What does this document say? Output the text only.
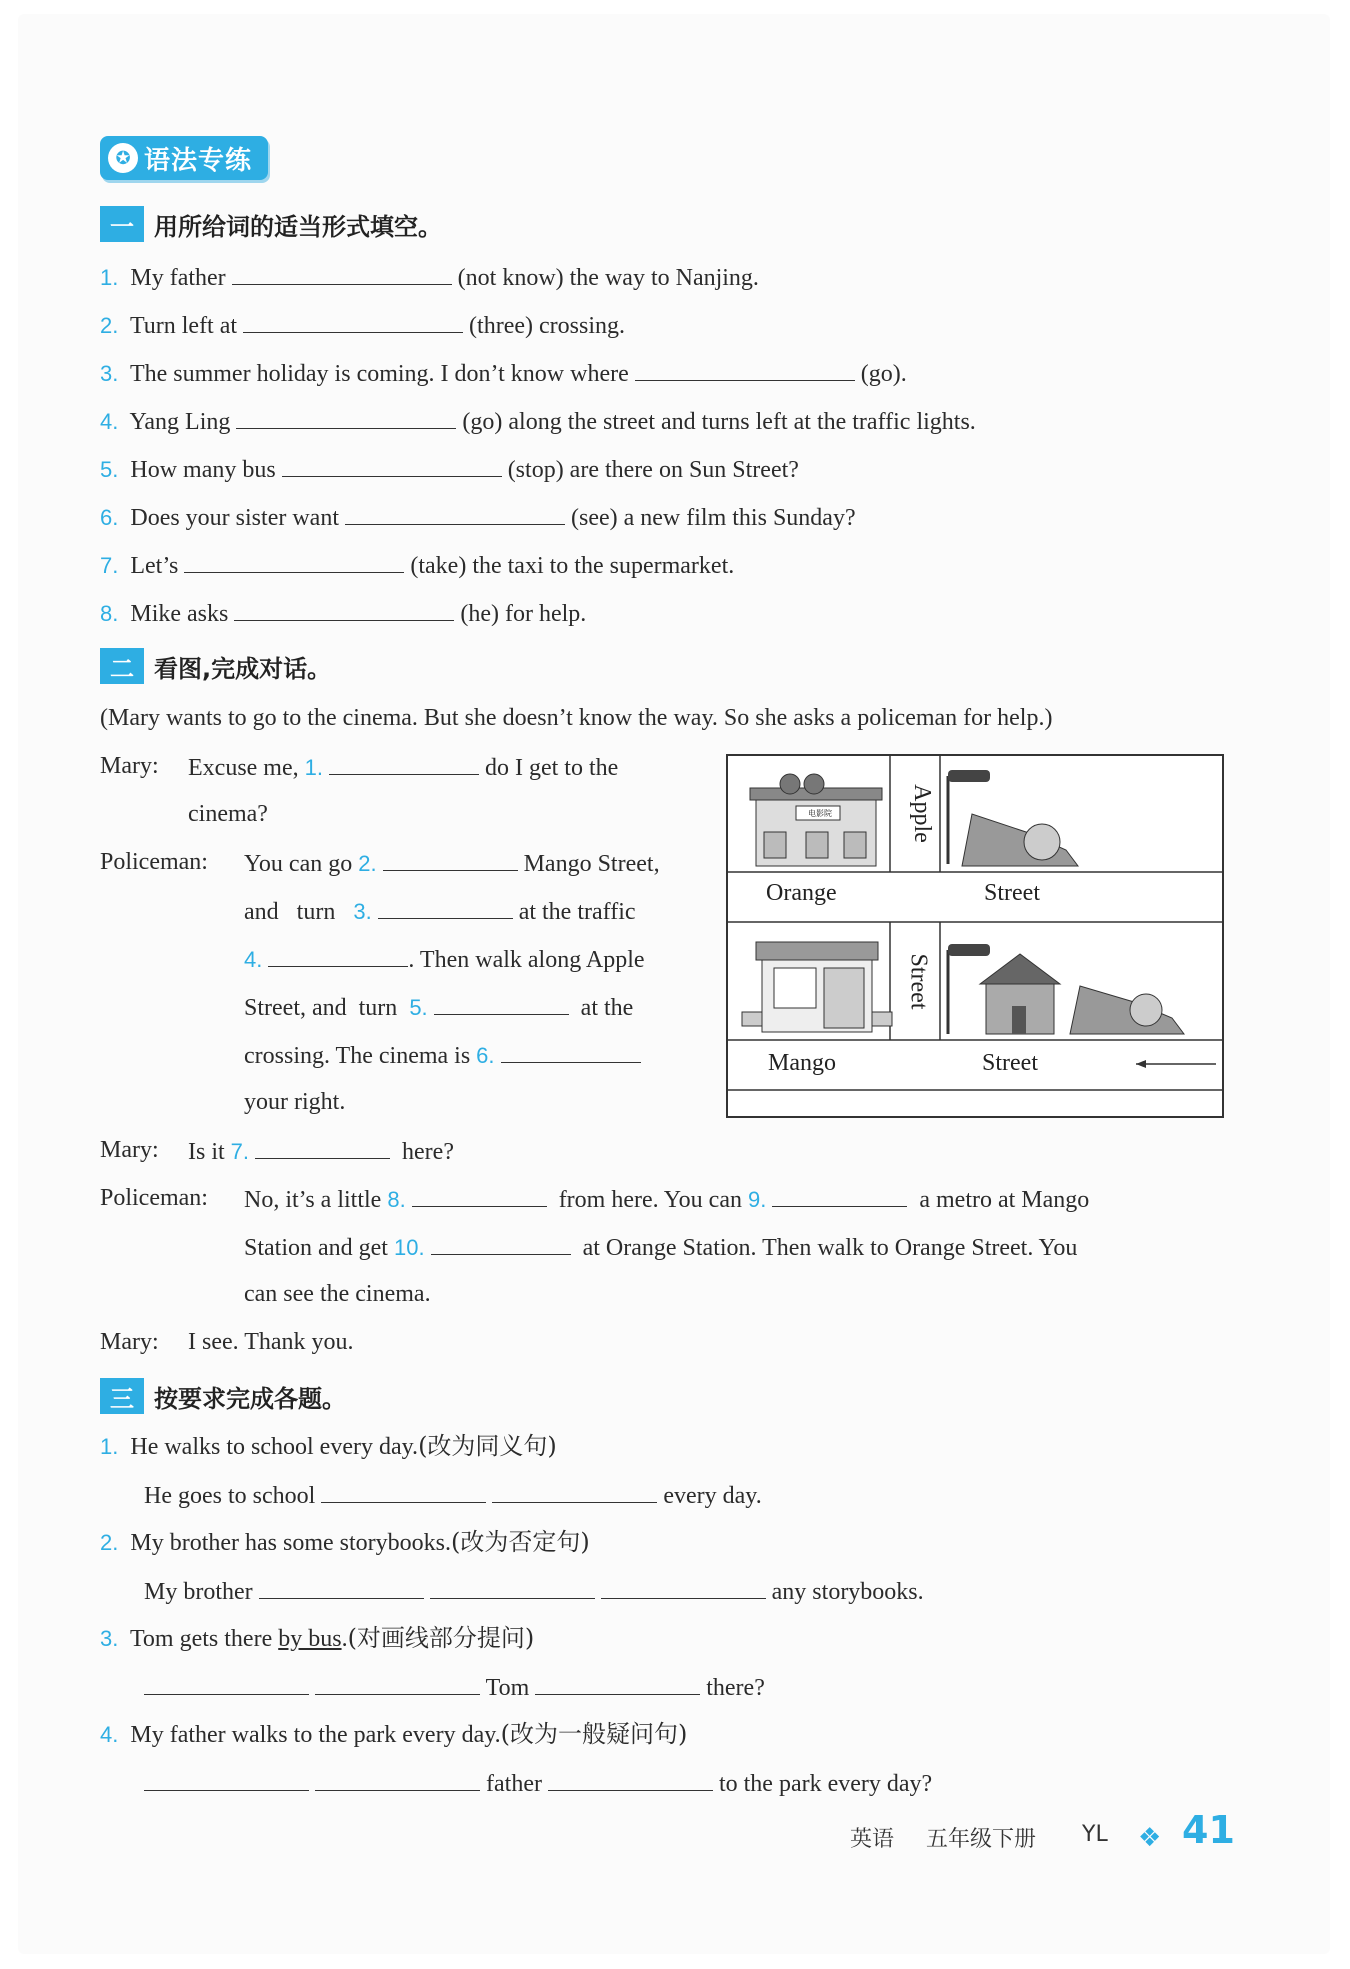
✪ 语法专练
一 用所给词的适当形式填空。
1. My father	(not know) the way to Nanjing.
2. Turn left at	(three) crossing.
3. The summer holiday is coming. I don’t know where	(go).
4. Yang Ling	(go) along the street and turns left at the traffic lights.
5. How many bus	(stop) are there on Sun Street?
6. Does your sister want	(see) a new film this Sunday?
7. Let’s	(take) the taxi to the supermarket.
8. Mike asks	(he) for help.
二 看图,完成对话。
(Mary wants to go to the cinema. But she doesn’t know the way. So she asks a policeman for help.)
Mary: Excuse me, 1.	do I get to the
cinema?
Policeman: You can go 2.	Mango Street,
and turn 3.	at the traffic
4.	. Then walk along Apple
Street, and turn 5.	at the
crossing. The cinema is 6.
your right.
Mary: Is it 7.	here?
Policeman: No, it’s a little 8.	from here. You can 9.	a metro at Mango
Station and get 10.	at Orange Station. Then walk to Orange Street. You
can see the cinema.
Mary: I see. Thank you.
Orange	Street
Mango	Street
Apple
Street
电影院
三 按要求完成各题。
1. He walks to school every day.(改为同义句)
He goes to school	every day.
2. My brother has some storybooks.(改为否定句)
My brother	any storybooks.
3. Tom gets there by bus.(对画线部分提问)
Tom	there?
4. My father walks to the park every day.(改为一般疑问句)
father	to the park every day?
英语 五年级下册 YL ❖ 41
